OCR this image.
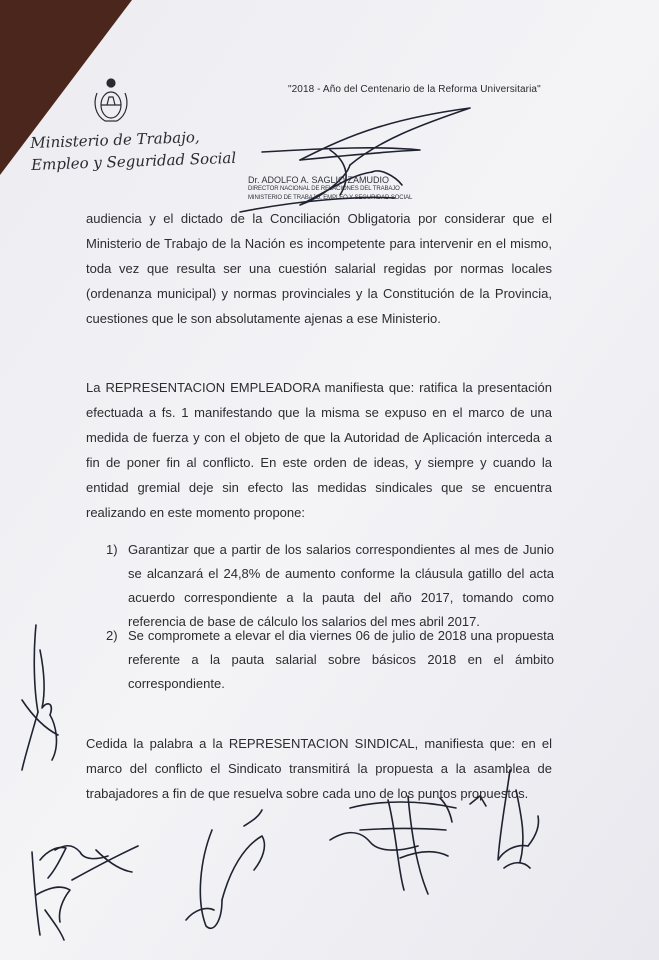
"2018 - Año del Centenario de la Reforma Universitaria"
Ministerio de Trabajo,
Empleo y Seguridad Social
Dr. ADOLFO A. SAGLIO ZAMUDIO
DIRECTOR NACIONAL DE RELACIONES DEL TRABAJO
MINISTERIO DE TRABAJO, EMPLEO Y SEGURIDAD SOCIAL

audiencia y el dictado de la Conciliación Obligatoria por considerar que el Ministerio de Trabajo de la Nación es incompetente para intervenir en el mismo, toda vez que resulta ser una cuestión salarial regidas por normas locales (ordenanza municipal) y normas provinciales y la Constitución de la Provincia, cuestiones que le son absolutamente ajenas a ese Ministerio.

La REPRESENTACION EMPLEADORA manifiesta que: ratifica la presentación efectuada a fs. 1 manifestando que la misma se expuso en el marco de una medida de fuerza y con el objeto de que la Autoridad de Aplicación interceda a fin de poner fin al conflicto. En este orden de ideas, y siempre y cuando la entidad gremial deje sin efecto las medidas sindicales que se encuentra realizando en este momento propone:

1) Garantizar que a partir de los salarios correspondientes al mes de Junio se alcanzará el 24,8% de aumento conforme la cláusula gatillo del acta acuerdo correspondiente a la pauta del año 2017, tomando como referencia de base de cálculo los salarios del mes abril 2017.
2) Se compromete a elevar el dia viernes 06 de julio de 2018 una propuesta referente a la pauta salarial sobre básicos 2018 en el ámbito correspondiente.

Cedida la palabra a la REPRESENTACION SINDICAL, manifiesta que: en el marco del conflicto el Sindicato transmitirá la propuesta a la asamblea de trabajadores a fin de que resuelva sobre cada uno de los puntos propuestos.
